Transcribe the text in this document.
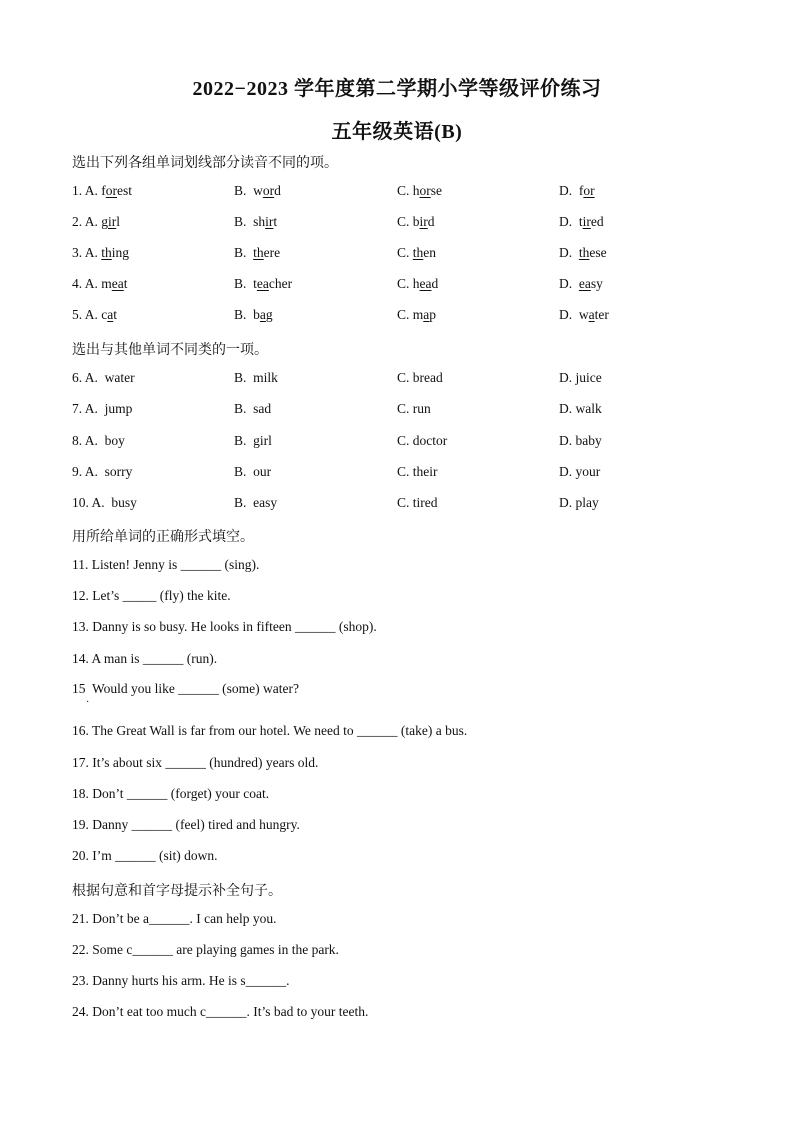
2022−2023 学年度第二学期小学等级评价练习
五年级英语(B)
选出下列各组单词划线部分读音不同的项。
1. A. forest	B.  word	C. horse	D.  for
2. A. girl	B.  shirt	C. bird	D.  tired
3. A. thing	B.  there	C. then	D.  these
4. A. meat	B.  teacher	C. head	D.  easy
5. A. cat	B.  bag	C. map	D.  water
选出与其他单词不同类的一项。
6. A.  water	B.  milk	C. bread	D. juice
7. A.  jump	B.  sad	C. run	D. walk
8. A.  boy	B.  girl	C. doctor	D. baby
9. A.  sorry	B.  our	C. their	D. your
10. A.  busy	B.  easy	C. tired	D. play
用所给单词的正确形式填空。
11. Listen! Jenny is ______ (sing).
12. Let’s _____ (fly) the kite.
13. Danny is so busy. He looks in fifteen ______ (shop).
14. A man is ______ (run).
15  Would you like ______ (some) water?
16. The Great Wall is far from our hotel. We need to ______ (take) a bus.
17. It’s about six ______ (hundred) years old.
18. Don’t ______ (forget) your coat.
19. Danny ______ (feel) tired and hungry.
20. I’m ______ (sit) down.
·
根据句意和首字母提示补全句子。
21. Don’t be a______. I can help you.
22. Some c______ are playing games in the park.
23. Danny hurts his arm. He is s______.
24. Don’t eat too much c______. It’s bad to your teeth.
